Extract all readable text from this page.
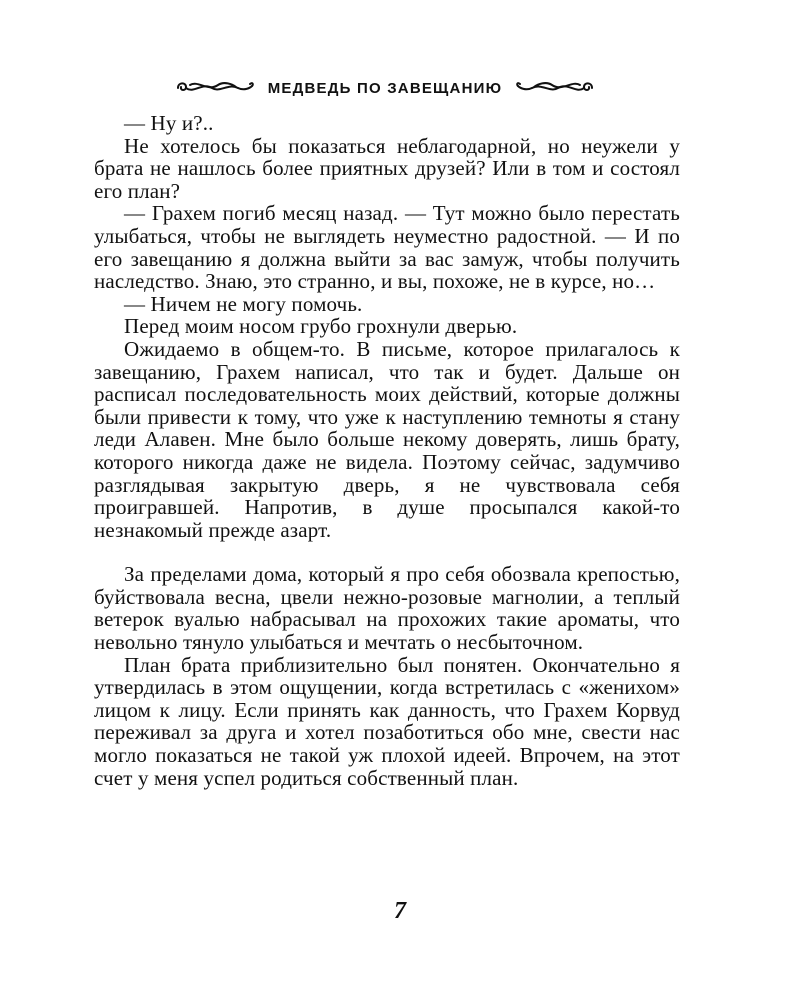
МЕДВЕДЬ ПО ЗАВЕЩАНИЮ

— Ну и?..

Не хотелось бы показаться неблагодарной, но неужели у брата не нашлось более приятных друзей? Или в том и состоял его план?

— Грахем погиб месяц назад. — Тут можно было перестать улыбаться, чтобы не выглядеть неуместно радостной. — И по его завещанию я должна выйти за вас замуж, чтобы получить наследство. Знаю, это странно, и вы, похоже, не в курсе, но…

— Ничем не могу помочь.

Перед моим носом грубо грохнули дверью.

Ожидаемо в общем-то. В письме, которое прилагалось к завещанию, Грахем написал, что так и будет. Дальше он расписал последовательность моих действий, которые должны были привести к тому, что уже к наступлению темноты я стану леди Алавен. Мне было больше некому доверять, лишь брату, которого никогда даже не видела. Поэтому сейчас, задумчиво разглядывая закрытую дверь, я не чувствовала себя проигравшей. Напротив, в душе просыпался какой-то незнакомый прежде азарт.

За пределами дома, который я про себя обозвала крепостью, буйствовала весна, цвели нежно-розовые магнолии, а теплый ветерок вуалью набрасывал на прохожих такие ароматы, что невольно тянуло улыбаться и мечтать о несбыточном.

План брата приблизительно был понятен. Окончательно я утвердилась в этом ощущении, когда встретилась с «женихом» лицом к лицу. Если принять как данность, что Грахем Корвуд переживал за друга и хотел позаботиться обо мне, свести нас могло показаться не такой уж плохой идеей. Впрочем, на этот счет у меня успел родиться собственный план.

7
